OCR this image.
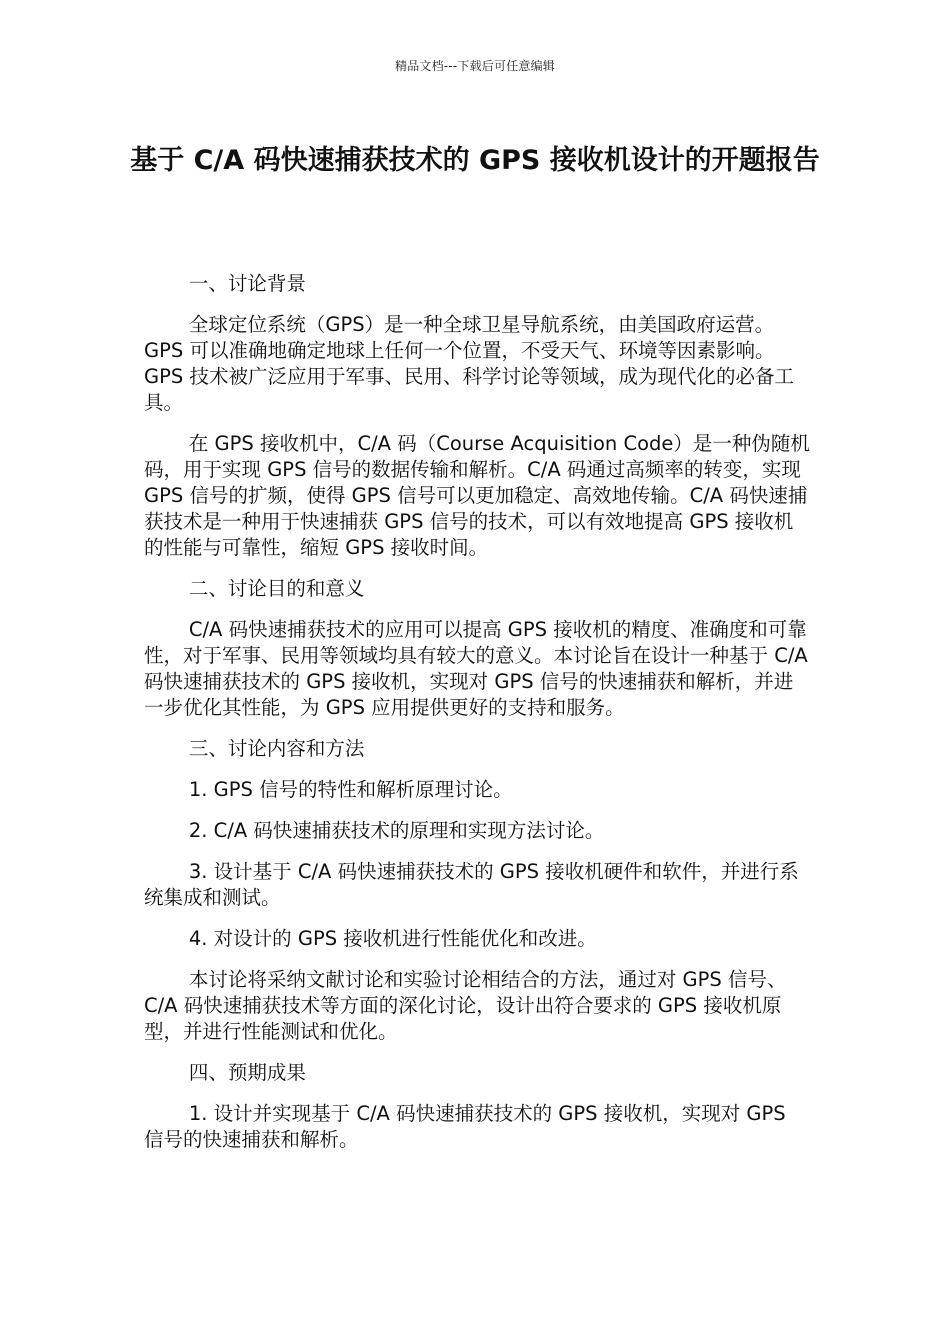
精品文档---下载后可任意编辑
基于 C/A 码快速捕获技术的 GPS 接收机设计的开题报告

一、讨论背景

全球定位系统（GPS）是一种全球卫星导航系统，由美国政府运营。GPS 可以准确地确定地球上任何一个位置，不受天气、环境等因素影响。GPS 技术被广泛应用于军事、民用、科学讨论等领域，成为现代化的必备工具。

在 GPS 接收机中，C/A 码（Course Acquisition Code）是一种伪随机码，用于实现 GPS 信号的数据传输和解析。C/A 码通过高频率的转变，实现 GPS 信号的扩频，使得 GPS 信号可以更加稳定、高效地传输。C/A 码快速捕获技术是一种用于快速捕获 GPS 信号的技术，可以有效地提高 GPS 接收机的性能与可靠性，缩短 GPS 接收时间。

二、讨论目的和意义

C/A 码快速捕获技术的应用可以提高 GPS 接收机的精度、准确度和可靠性，对于军事、民用等领域均具有较大的意义。本讨论旨在设计一种基于 C/A 码快速捕获技术的 GPS 接收机，实现对 GPS 信号的快速捕获和解析，并进一步优化其性能，为 GPS 应用提供更好的支持和服务。

三、讨论内容和方法

1. GPS 信号的特性和解析原理讨论。

2. C/A 码快速捕获技术的原理和实现方法讨论。

3. 设计基于 C/A 码快速捕获技术的 GPS 接收机硬件和软件，并进行系统集成和测试。

4. 对设计的 GPS 接收机进行性能优化和改进。

本讨论将采纳文献讨论和实验讨论相结合的方法，通过对 GPS 信号、C/A 码快速捕获技术等方面的深化讨论，设计出符合要求的 GPS 接收机原型，并进行性能测试和优化。

四、预期成果

1. 设计并实现基于 C/A 码快速捕获技术的 GPS 接收机，实现对 GPS 信号的快速捕获和解析。
